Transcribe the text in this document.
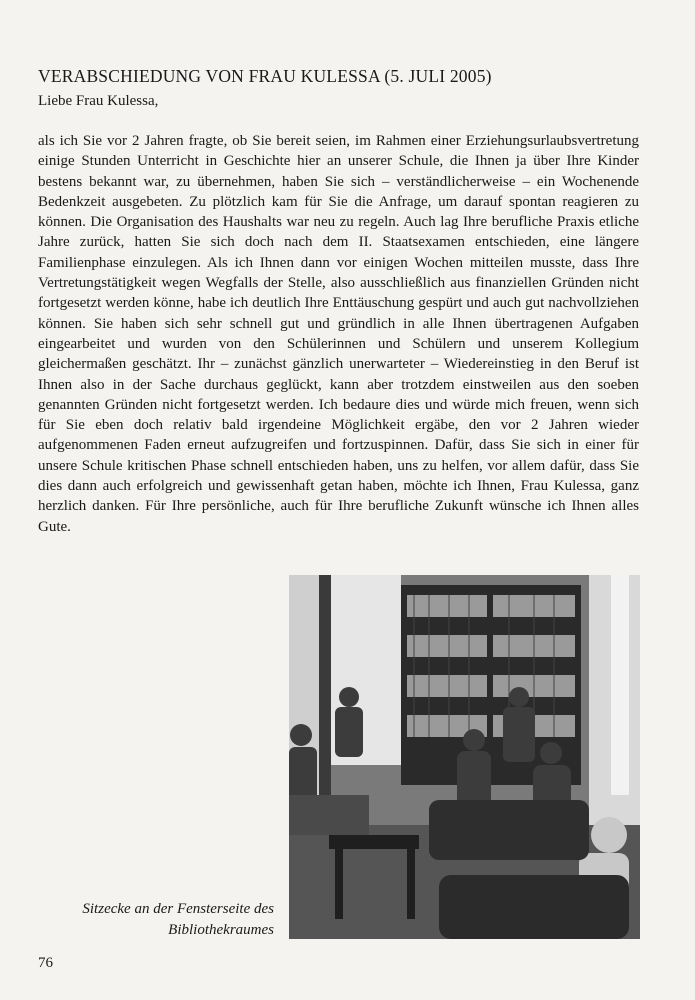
VERABSCHIEDUNG VON FRAU KULESSA (5. JULI 2005)
Liebe Frau Kulessa,
als ich Sie vor 2 Jahren fragte, ob Sie bereit seien, im Rahmen einer Erziehungsurlaubsvertretung einige Stunden Unterricht in Geschichte hier an unserer Schule, die Ihnen ja über Ihre Kinder bestens bekannt war, zu übernehmen, haben Sie sich – verständlicherweise – ein Wochenende Bedenkzeit ausgebeten. Zu plötzlich kam für Sie die Anfrage, um darauf spontan reagieren zu können. Die Organisation des Haushalts war neu zu regeln. Auch lag Ihre berufliche Praxis etliche Jahre zurück, hatten Sie sich doch nach dem II. Staatsexamen entschieden, eine längere Familienphase einzulegen. Als ich Ihnen dann vor einigen Wochen mitteilen musste, dass Ihre Vertretungstätigkeit wegen Wegfalls der Stelle, also ausschließlich aus finanziellen Gründen nicht fortgesetzt werden könne, habe ich deutlich Ihre Enttäuschung gespürt und auch gut nachvollziehen können. Sie haben sich sehr schnell gut und gründlich in alle Ihnen übertragenen Aufgaben eingearbeitet und wurden von den Schülerinnen und Schülern und unserem Kollegium gleichermaßen geschätzt. Ihr – zunächst gänzlich unerwarteter – Wiedereinstieg in den Beruf ist Ihnen also in der Sache durchaus geglückt, kann aber trotzdem einstweilen aus den soeben genannten Gründen nicht fortgesetzt werden. Ich bedaure dies und würde mich freuen, wenn sich für Sie eben doch relativ bald irgendeine Möglichkeit ergäbe, den vor 2 Jahren wieder aufgenommenen Faden erneut aufzugreifen und fortzuspinnen. Dafür, dass Sie sich in einer für unsere Schule kritischen Phase schnell entschieden haben, uns zu helfen, vor allem dafür, dass Sie dies dann auch erfolgreich und gewissenhaft getan haben, möchte ich Ihnen, Frau Kulessa, ganz herzlich danken. Für Ihre persönliche, auch für Ihre berufliche Zukunft wünsche ich Ihnen alles Gute.
Sitzecke an der Fensterseite des
Bibliothekraumes
76
